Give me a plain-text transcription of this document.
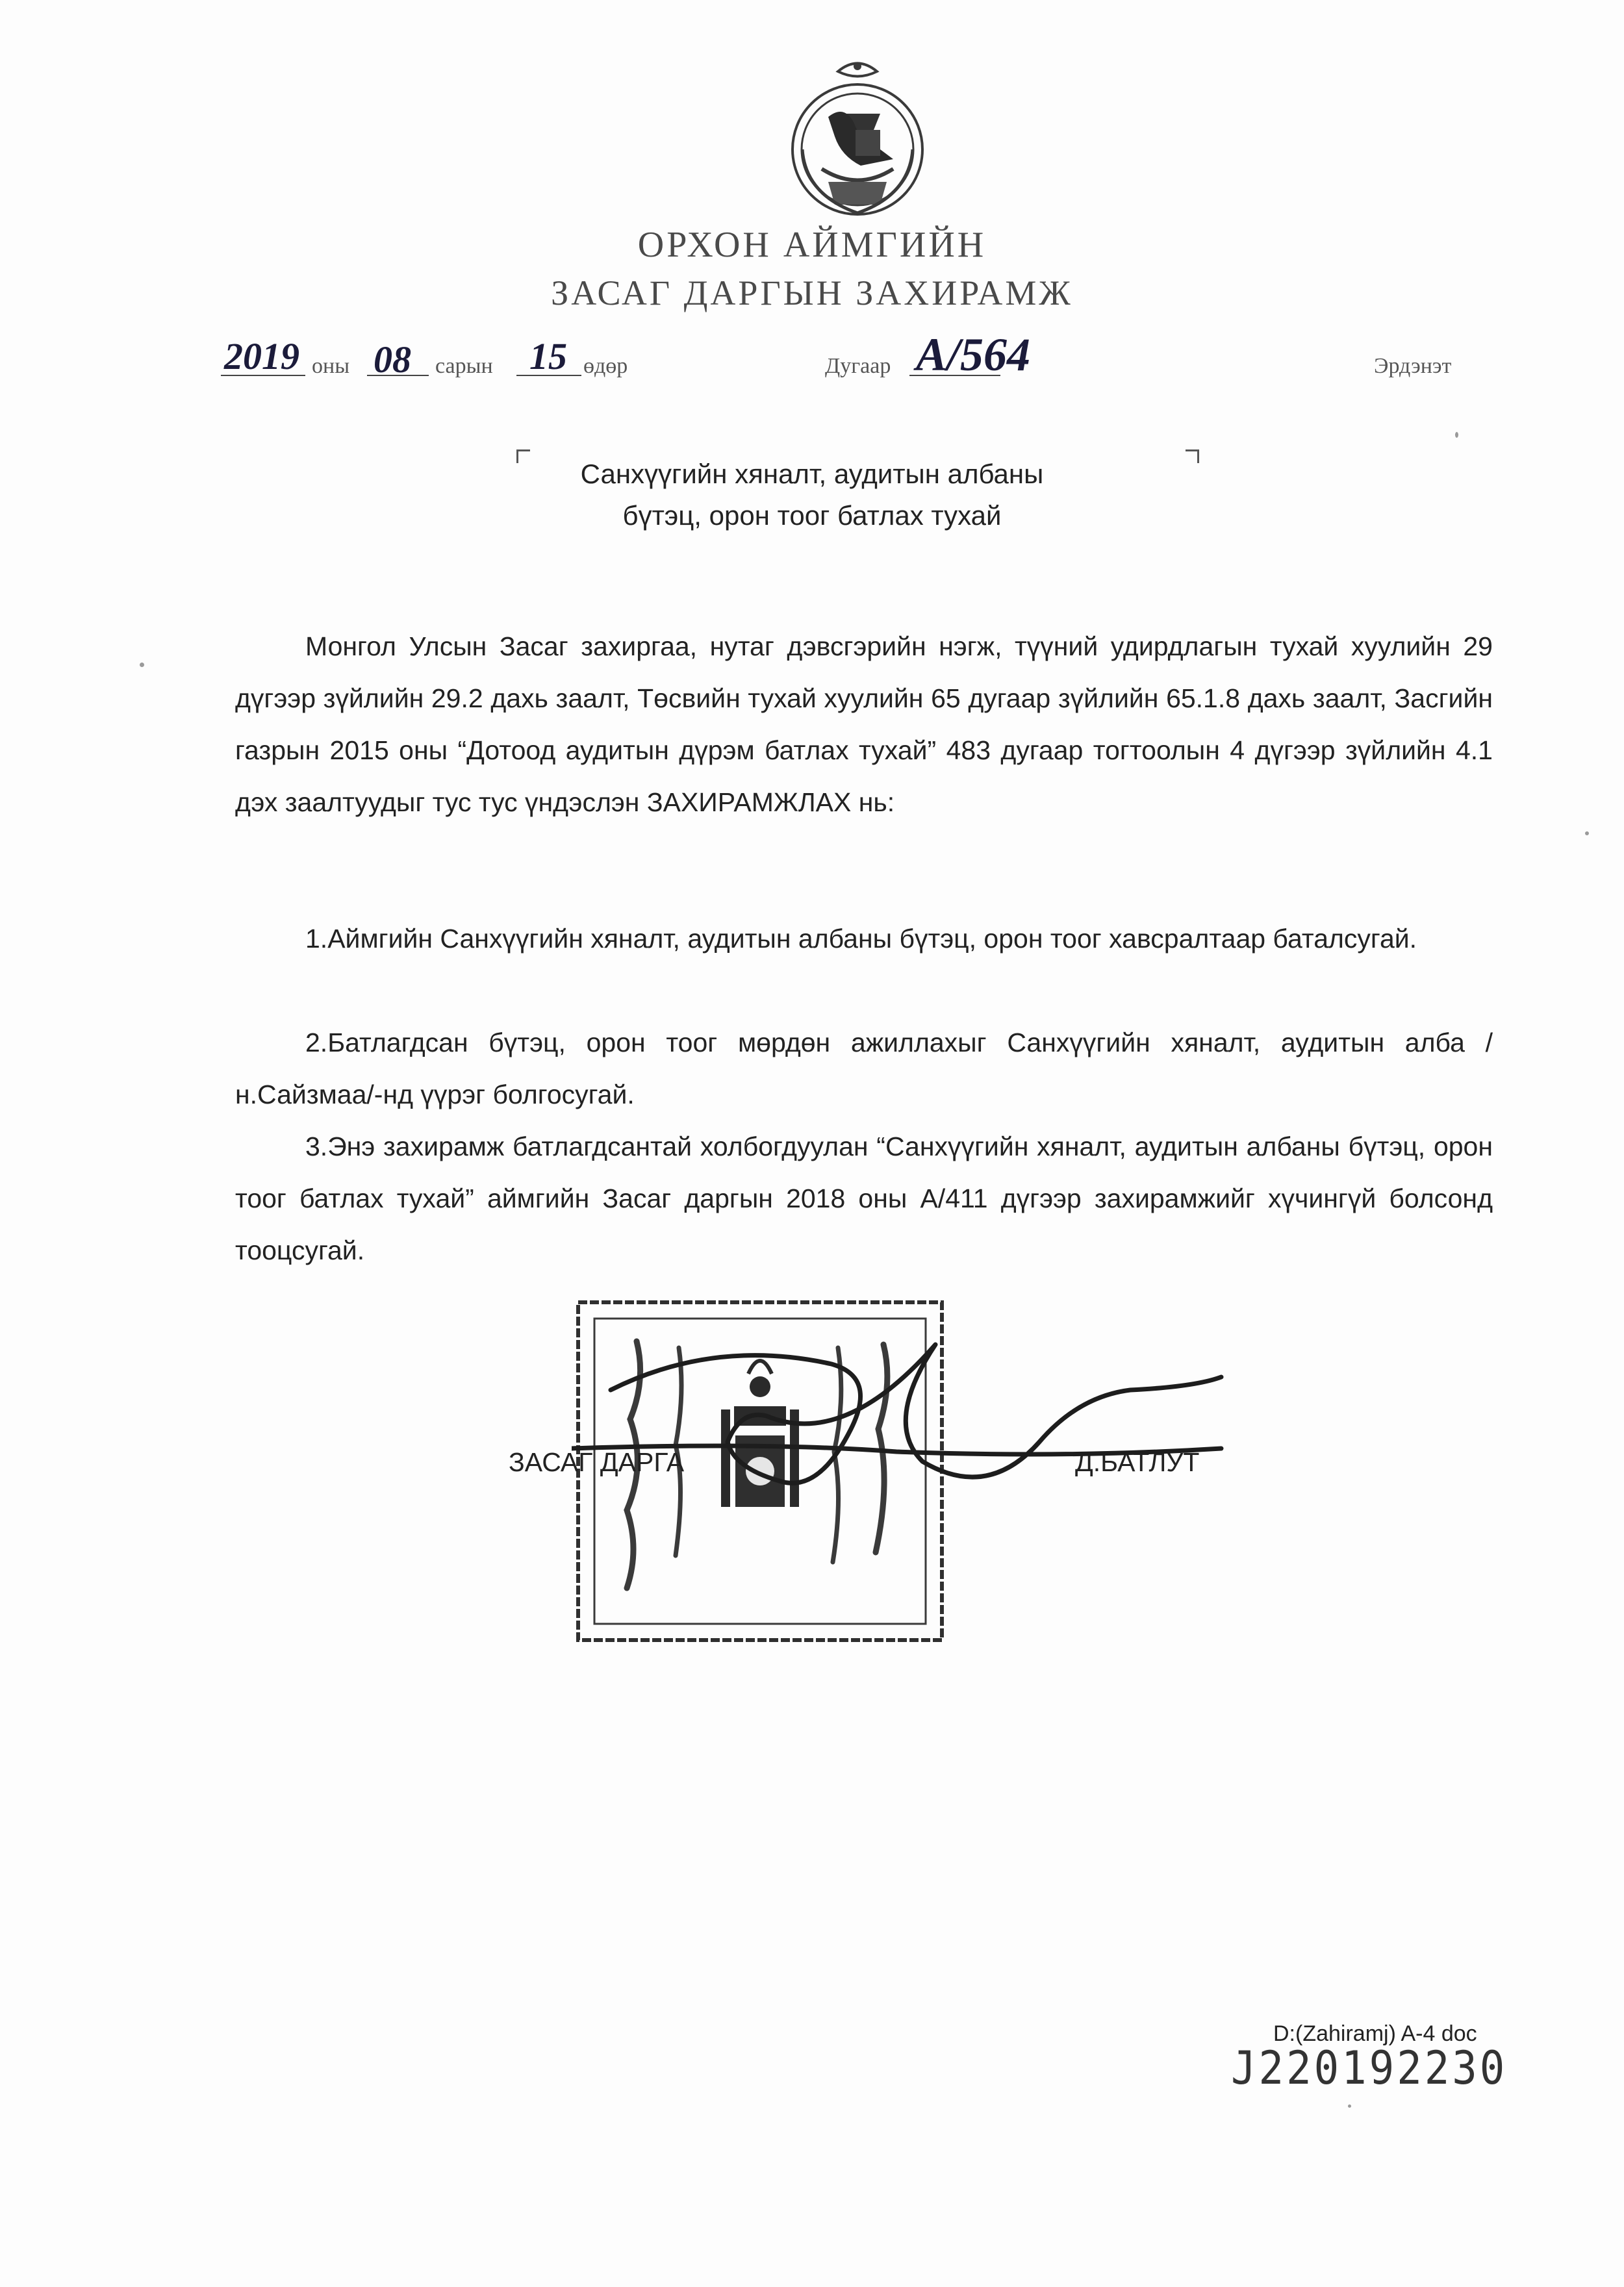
ОРХОН АЙМГИЙН
ЗАСАГ ДАРГЫН ЗАХИРАМЖ
2019 оны 08 сарын 15 өдөр	Дугаар A/564	Эрдэнэт
Санхүүгийн хяналт, аудитын албаны
бүтэц, орон тоог батлах тухай
Монгол Улсын Засаг захиргаа, нутаг дэвсгэрийн нэгж, түүний удирдлагын тухай хуулийн 29 дүгээр зүйлийн 29.2 дахь заалт, Төсвийн тухай хуулийн 65 дугаар зүйлийн 65.1.8 дахь заалт, Засгийн газрын 2015 оны “Дотоод аудитын дүрэм батлах тухай” 483 дугаар тогтоолын 4 дүгээр зүйлийн 4.1 дэх заалтуудыг тус тус үндэслэн ЗАХИРАМЖЛАХ нь:
1.Аймгийн Санхүүгийн хяналт, аудитын албаны бүтэц, орон тоог хавсралтаар баталсугай.
2.Батлагдсан бүтэц, орон тоог мөрдөн ажиллахыг Санхүүгийн хяналт, аудитын алба /н.Сайзмаа/-нд үүрэг болгосугай.
3.Энэ захирамж батлагдсантай холбогдуулан “Санхүүгийн хяналт, аудитын албаны бүтэц, орон тоог батлах тухай” аймгийн Засаг даргын 2018 оны А/411 дүгээр захирамжийг хүчингүй болсонд тооцсугай.
ЗАСАГ ДАРГА	Д.БАТЛУТ
D:(Zahiramj) A-4 doc
J220192230
